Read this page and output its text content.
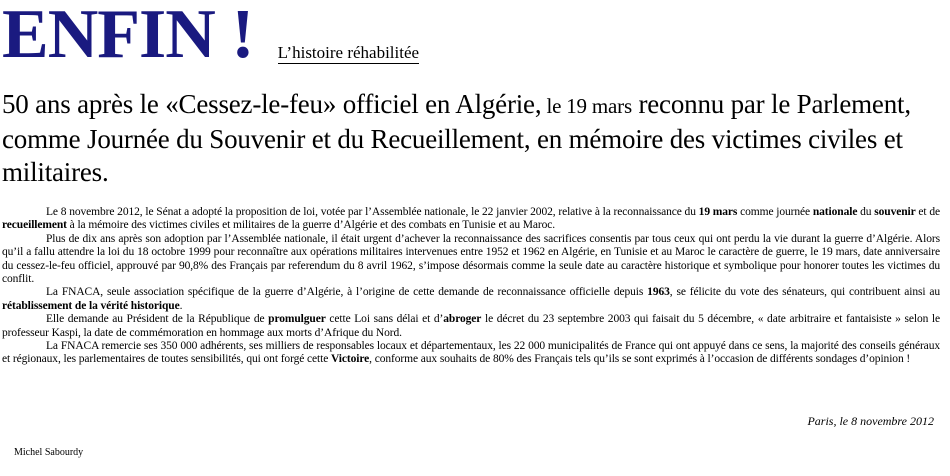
ENFIN ! L’histoire réhabilitée
50 ans après le «Cessez-le-feu» officiel en Algérie, le 19 mars reconnu par le Parlement, comme Journée du Souvenir et du Recueillement, en mémoire des victimes civiles et militaires.

Le 8 novembre 2012, le Sénat a adopté la proposition de loi, votée par l’Assemblée nationale, le 22 janvier 2002, relative à la reconnaissance du 19 mars comme journée nationale du souvenir et de recueillement à la mémoire des victimes civiles et militaires de la guerre d’Algérie et des combats en Tunisie et au Maroc.

Plus de dix ans après son adoption par l’Assemblée nationale, il était urgent d’achever la reconnaissance des sacrifices consentis par tous ceux qui ont perdu la vie durant la guerre d’Algérie. Alors qu’il a fallu attendre la loi du 18 octobre 1999 pour reconnaître aux opérations militaires intervenues entre 1952 et 1962 en Algérie, en Tunisie et au Maroc le caractère de guerre, le 19 mars, date anniversaire du cessez-le-feu officiel, approuvé par 90,8% des Français par referendum du 8 avril 1962, s’impose désormais comme la seule date au caractère historique et symbolique pour honorer toutes les victimes du conflit.

La FNACA, seule association spécifique de la guerre d’Algérie, à l’origine de cette demande de reconnaissance officielle depuis 1963, se félicite du vote des sénateurs, qui contribuent ainsi au rétablissement de la vérité historique.

Elle demande au Président de la République de promulguer cette Loi sans délai et d’abroger le décret du 23 septembre 2003 qui faisait du 5 décembre, « date arbitraire et fantaisiste » selon le professeur Kaspi, la date de commémoration en hommage aux morts d’Afrique du Nord.

La FNACA remercie ses 350 000 adhérents, ses milliers de responsables locaux et départementaux, les 22 000 municipalités de France qui ont appuyé dans ce sens, la majorité des conseils généraux et régionaux, les parlementaires de toutes sensibilités, qui ont forgé cette Victoire, conforme aux souhaits de 80% des Français tels qu’ils se sont exprimés à l’occasion de différents sondages d’opinion !

Paris, le 8 novembre 2012
Michel Sabourdy
